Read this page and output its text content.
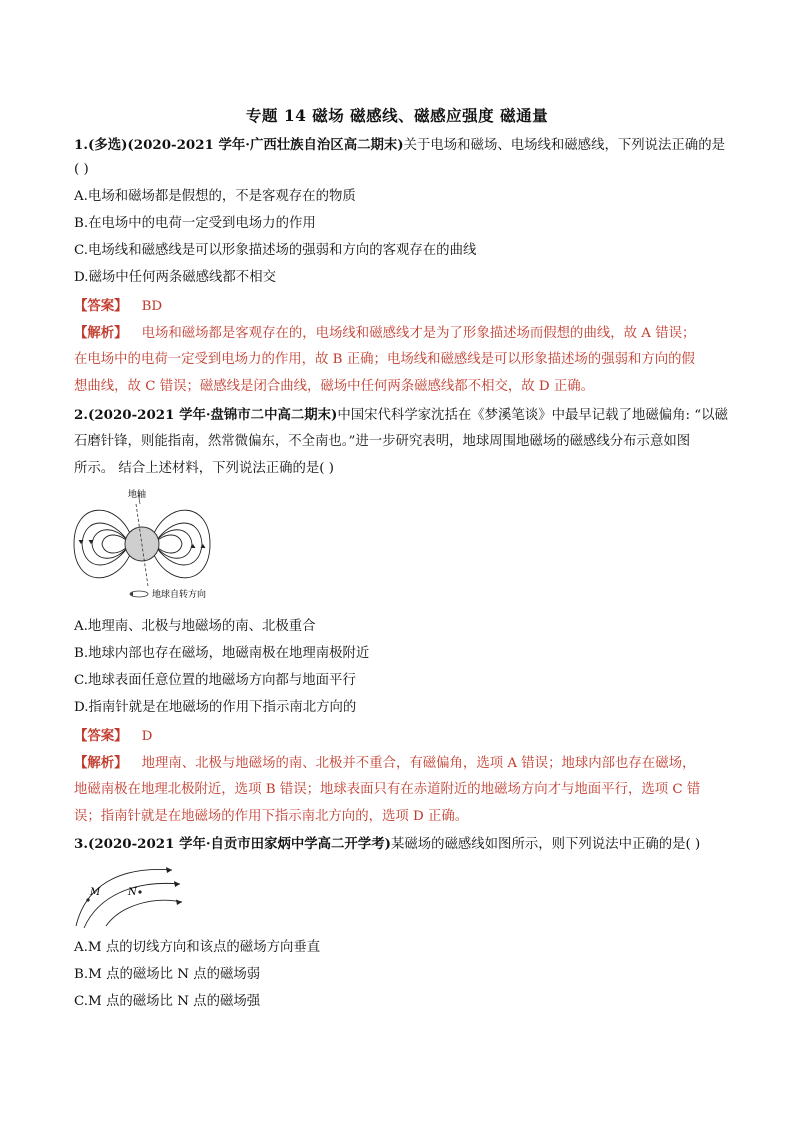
专题 14 磁场 磁感线、磁感应强度 磁通量
1.(多选)(2020-2021 学年·广西壮族自治区高二期末)关于电场和磁场、电场线和磁感线，下列说法正确的是
( )
A.电场和磁场都是假想的，不是客观存在的物质
B.在电场中的电荷一定受到电场力的作用
C.电场线和磁感线是可以形象描述场的强弱和方向的客观存在的曲线
D.磁场中任何两条磁感线都不相交
【答案】 BD
【解析】 电场和磁场都是客观存在的，电场线和磁感线才是为了形象描述场而假想的曲线，故 A 错误；
在电场中的电荷一定受到电场力的作用，故 B 正确；电场线和磁感线是可以形象描述场的强弱和方向的假
想曲线，故 C 错误；磁感线是闭合曲线，磁场中任何两条磁感线都不相交，故 D 正确。
2.(2020-2021 学年·盘锦市二中高二期末)中国宋代科学家沈括在《梦溪笔谈》中最早记载了地磁偏角: “以磁
石磨针锋，则能指南，然常微偏东，不全南也。”进一步研究表明，地球周围地磁场的磁感线分布示意如图
所示。 结合上述材料，下列说法正确的是( )
地轴
地球自转方向
A.地理南、北极与地磁场的南、北极重合
B.地球内部也存在磁场，地磁南极在地理南极附近
C.地球表面任意位置的地磁场方向都与地面平行
D.指南针就是在地磁场的作用下指示南北方向的
【答案】 D
【解析】 地理南、北极与地磁场的南、北极并不重合，有磁偏角，选项 A 错误；地球内部也存在磁场，
地磁南极在地理北极附近，选项 B 错误；地球表面只有在赤道附近的地磁场方向才与地面平行，选项 C 错
误；指南针就是在地磁场的作用下指示南北方向的，选项 D 正确。
3.(2020-2021 学年·自贡市田家炳中学高二开学考)某磁场的磁感线如图所示，则下列说法中正确的是( )
M	N
A.M 点的切线方向和该点的磁场方向垂直
B.M 点的磁场比 N 点的磁场弱
C.M 点的磁场比 N 点的磁场强
